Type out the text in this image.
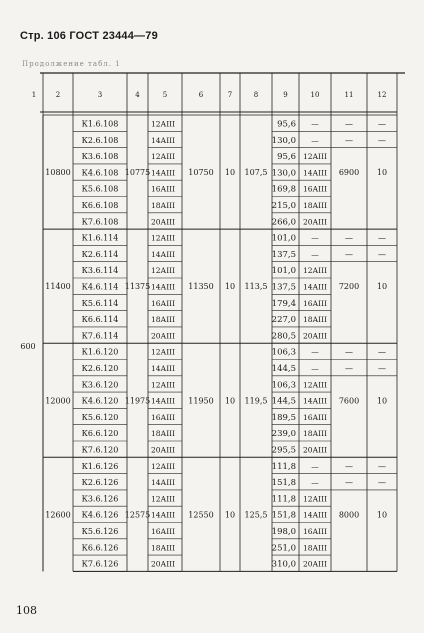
Стр. 106 ГОСТ 23444—79
Продолжение табл. 1
1	2	3	4	5	6	7	8	9	10	11	12
10800	10775	10750 10 107,5	6900 10
К1.6.108	12АIII	95,6 —	—	—
К2.6.108	14АIII	130,0 —	—	—
К3.6.108	12АIII	95,6 12АIII
К4.6.108	14АIII	130,0 14АIII
К5.6.108	16АIII	169,8 16АIII
К6.6.108	18АIII	215,0 18АIII
К7.6.108	20АIII	266,0 20АIII
11400	11375	11350 10 113,5	7200 10
К1.6.114	12АIII	101,0 —	—	—
К2.6.114	14АIII	137,5 —	—	—
К3.6.114	12АIII	101,0 12АIII
К4.6.114	14АIII	137,5 14АIII
К5.6.114	16АIII	179,4 16АIII
К6.6.114	18АIII	227,0 18АIII
К7.6.114	20АIII	280,5 20АIII
12000	11975	11950 10 119,5	7600 10
К1.6.120	12АIII	106,3 —	—	—
К2.6.120	14АIII	144,5 —	—	—
К3.6.120	12АIII	106,3 12АIII
К4.6.120	14АIII	144,5 14АIII
К5.6.120	16АIII	189,5 16АIII
К6.6.120	18АIII	239,0 18АIII
К7.6.120	20АIII	295,5 20АIII
12600	12575	12550 10 125,5	8000 10
К1.6.126	12АIII	111,8 —	—	—
К2.6.126	14АIII	151,8 —	—	—
К3.6.126	12АIII	111,8 12АIII
К4.6.126	14АIII	151,8 14АIII
К5.6.126	16АIII	198,0 16АIII
К6.6.126	18АIII	251,0 18АIII
К7.6.126	20АIII	310,0 20АIII
600
108
